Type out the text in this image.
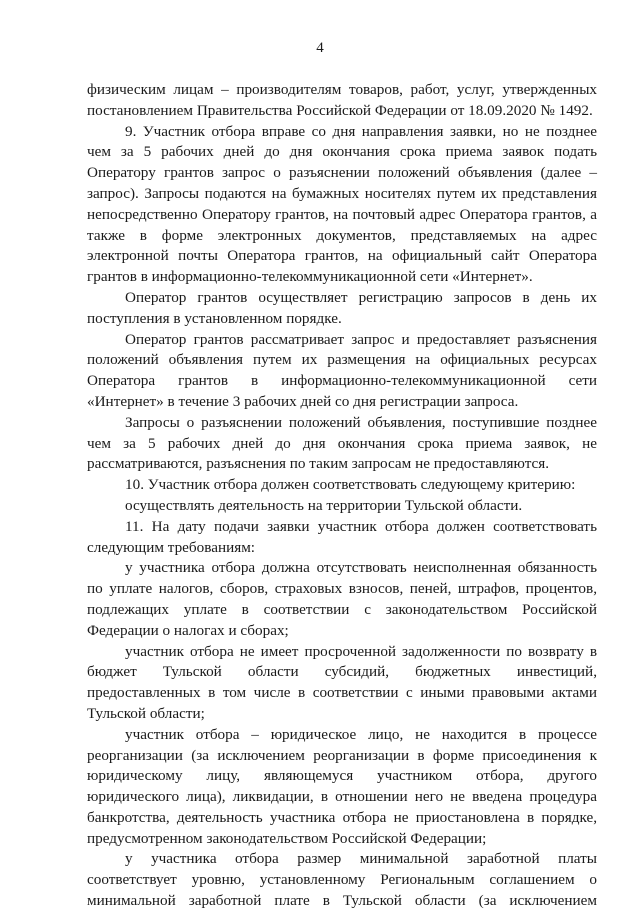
4
физическим лицам – производителям товаров, работ, услуг, утвержденных
постановлением Правительства Российской Федерации от 18.09.2020 № 1492.
9. Участник отбора вправе со дня направления заявки, но не позднее
чем за 5 рабочих дней до дня окончания срока приема заявок подать
Оператору грантов запрос о разъяснении положений объявления (далее –
запрос). Запросы подаются на бумажных носителях путем их представления
непосредственно Оператору грантов, на почтовый адрес Оператора грантов, а
также в форме электронных документов, представляемых на адрес
электронной почты Оператора грантов, на официальный сайт Оператора
грантов в информационно-телекоммуникационной сети «Интернет».
Оператор грантов осуществляет регистрацию запросов в день их
поступления в установленном порядке.
Оператор грантов рассматривает запрос и предоставляет разъяснения
положений объявления путем их размещения на официальных ресурсах
Оператора грантов в информационно-телекоммуникационной сети
«Интернет» в течение 3 рабочих дней со дня регистрации запроса.
Запросы о разъяснении положений объявления, поступившие позднее
чем за 5 рабочих дней до дня окончания срока приема заявок, не
рассматриваются, разъяснения по таким запросам не предоставляются.
10. Участник отбора должен соответствовать следующему критерию:
осуществлять деятельность на территории Тульской области.
11. На дату подачи заявки участник отбора должен соответствовать
следующим требованиям:
у участника отбора должна отсутствовать неисполненная обязанность
по уплате налогов, сборов, страховых взносов, пеней, штрафов, процентов,
подлежащих уплате в соответствии с законодательством Российской
Федерации о налогах и сборах;
участник отбора не имеет просроченной задолженности по возврату в
бюджет Тульской области субсидий, бюджетных инвестиций,
предоставленных в том числе в соответствии с иными правовыми актами
Тульской области;
участник отбора – юридическое лицо, не находится в процессе
реорганизации (за исключением реорганизации в форме присоединения к
юридическому лицу, являющемуся участником отбора, другого
юридического лица), ликвидации, в отношении него не введена процедура
банкротства, деятельность участника отбора не приостановлена в порядке,
предусмотренном законодательством Российской Федерации;
у участника отбора размер минимальной заработной платы
соответствует уровню, установленному Региональным соглашением о
минимальной заработной плате в Тульской области (за исключением
